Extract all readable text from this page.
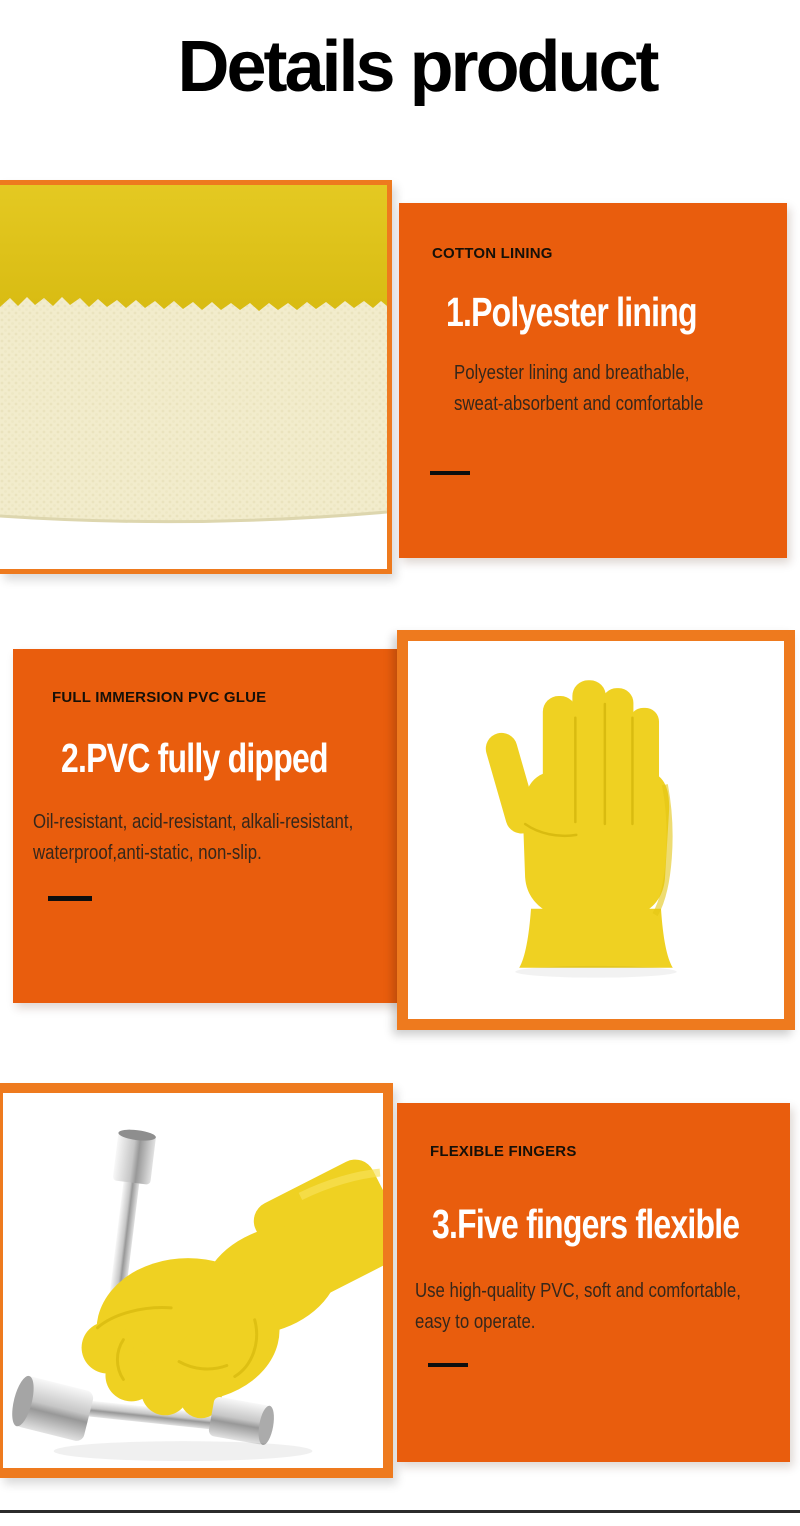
Details product
COTTON LINING
1.Polyester lining
Polyester lining and breathable,
sweat-absorbent and comfortable
FULL IMMERSION PVC GLUE
2.PVC fully dipped
Oil-resistant, acid-resistant, alkali-resistant,
waterproof,anti-static, non-slip.
FLEXIBLE FINGERS
3.Five fingers flexible
Use high-quality PVC, soft and comfortable,
easy to operate.
